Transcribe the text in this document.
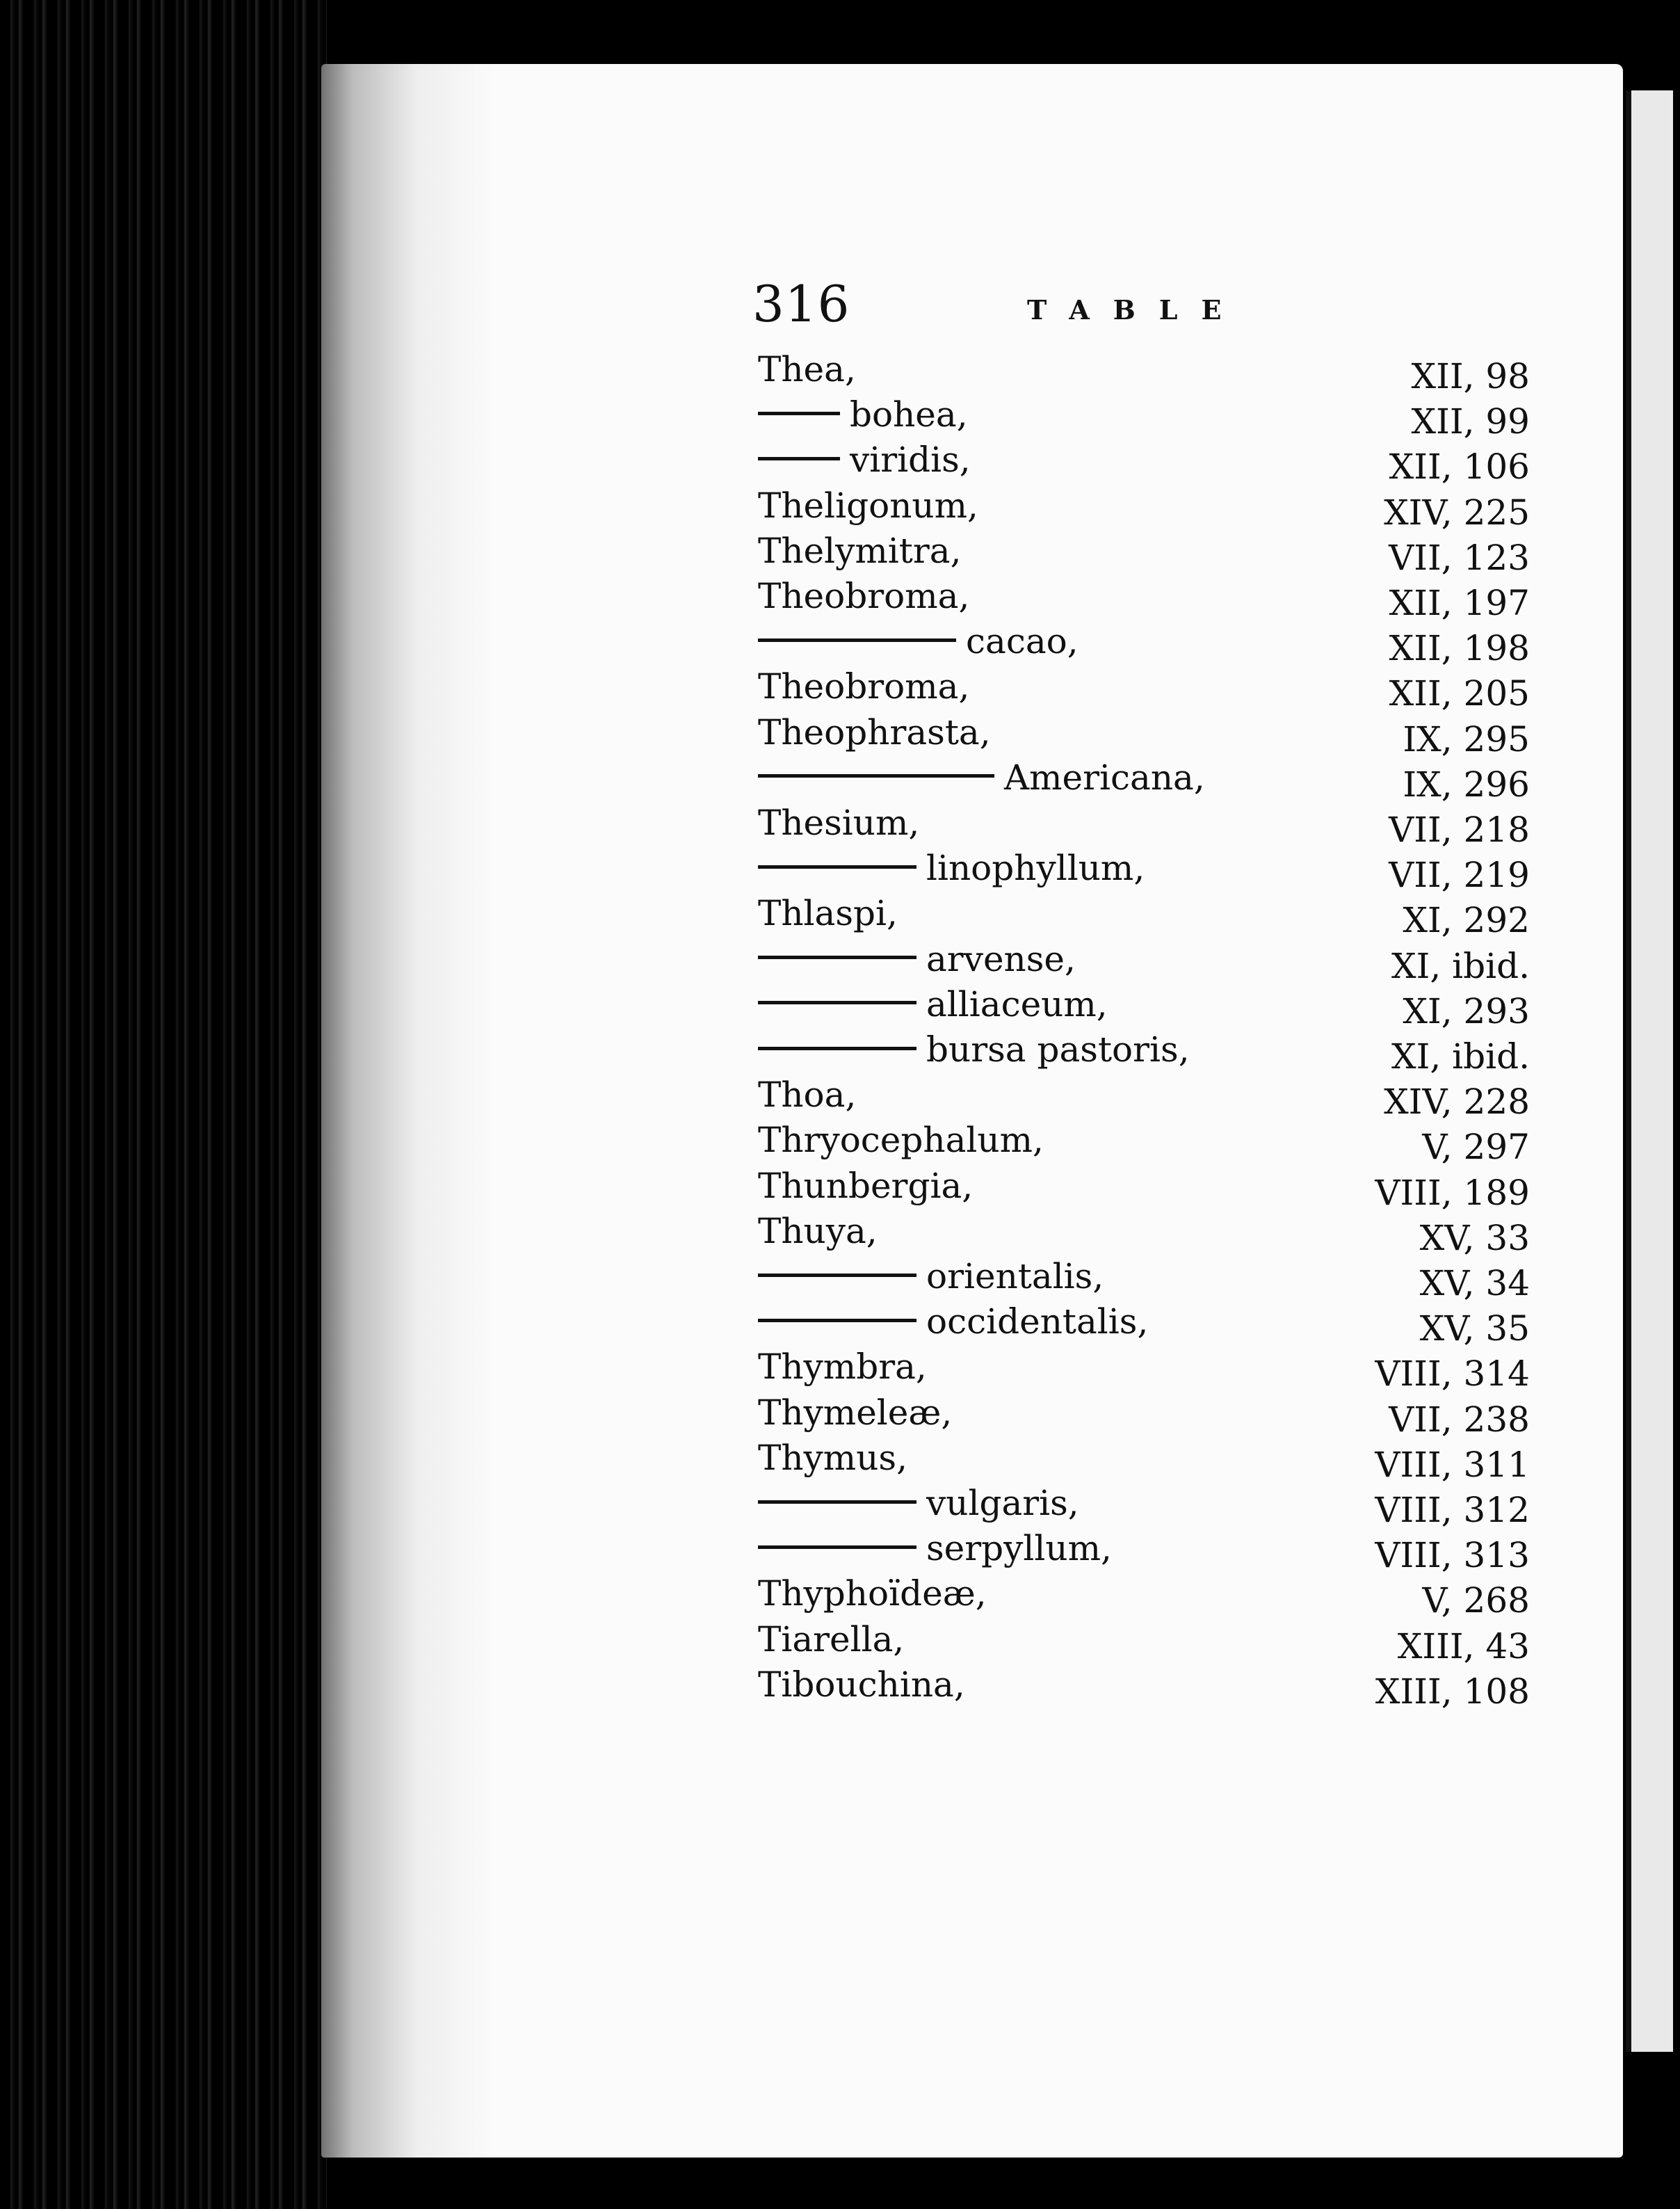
316	TABLE
Thea,	XII, 98
bohea,	XII, 99
viridis,	XII, 106
Theligonum,	XIV, 225
Thelymitra,	VII, 123
Theobroma,	XII, 197
cacao,	XII, 198
Theobroma,	XII, 205
Theophrasta,	IX, 295
Americana,	IX, 296
Thesium,	VII, 218
linophyllum,	VII, 219
Thlaspi,	XI, 292
arvense,	XI, ibid.
alliaceum,	XI, 293
bursa pastoris,	XI, ibid.
Thoa,	XIV, 228
Thryocephalum,	V, 297
Thunbergia,	VIII, 189
Thuya,	XV, 33
orientalis,	XV, 34
occidentalis,	XV, 35
Thymbra,	VIII, 314
Thymeleæ,	VII, 238
Thymus,	VIII, 311
vulgaris,	VIII, 312
serpyllum,	VIII, 313
Thyphoïdeæ,	V, 268
Tiarella,	XIII, 43
Tibouchina,	XIII, 108
